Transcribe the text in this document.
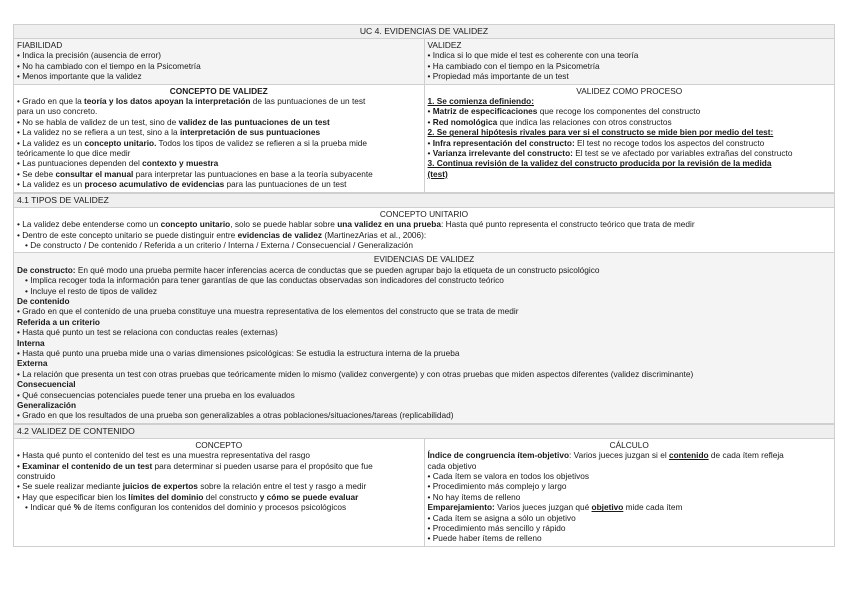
UC 4. EVIDENCIAS DE VALIDEZ
FIABILIDAD
• Indica la precisión (ausencia de error)
• No ha cambiado con el tiempo en la Psicometría
• Menos importante que la validez
VALIDEZ
• Indica si lo que mide el test es coherente con una teoría
• Ha cambiado con el tiempo en la Psicometría
• Propiedad más importante de un test
CONCEPTO DE VALIDEZ
• Grado en que la teoría y los datos apoyan la interpretación de las puntuaciones de un test
para un uso concreto.
• No se habla de validez de un test, sino de validez de las puntuaciones de un test
• La validez no se refiera a un test, sino a la interpretación de sus puntuaciones
• La validez es un concepto unitario. Todos los tipos de validez se refieren a si la prueba mide
teóricamente lo que dice medir
• Las puntuaciones dependen del contexto y muestra
• Se debe consultar el manual para interpretar las puntuaciones en base a la teoría subyacente
• La validez es un proceso acumulativo de evidencias para las puntuaciones de un test
VALIDEZ COMO PROCESO
1. Se comienza definiendo:
• Matriz de especificaciones que recoge los componentes del constructo
• Red nomológica que indica las relaciones con otros constructos
2. Se general hipótesis rivales para ver si el constructo se mide bien por medio del test:
• Infra representación del constructo: El test no recoge todos los aspectos del constructo
• Varianza irrelevante del constructo: El test se ve afectado por variables extrañas del constructo
3. Continua revisión de la validez del constructo producida por la revisión de la medida
(test)
4.1 TIPOS DE VALIDEZ
CONCEPTO UNITARIO
• La validez debe entenderse como un concepto unitario, solo se puede hablar sobre una validez en una prueba: Hasta qué punto representa el constructo teórico que trata de medir
• Dentro de este concepto unitario se puede distinguir entre evidencias de validez (MartinezArias et al., 2006):
• De constructo / De contenido / Referida a un criterio / Interna / Externa / Consecuencial / Generalización
EVIDENCIAS DE VALIDEZ
De constructo: En qué modo una prueba permite hacer inferencias acerca de conductas que se pueden agrupar bajo la etiqueta de un constructo psicológico
• Implica recoger toda la información para tener garantías de que las conductas observadas son indicadores del constructo teórico
• Incluye el resto de tipos de validez
De contenido
• Grado en que el contenido de una prueba constituye una muestra representativa de los elementos del constructo que se trata de medir
Referida a un criterio
• Hasta qué punto un test se relaciona con conductas reales (externas)
Interna
• Hasta qué punto una prueba mide una o varias dimensiones psicológicas: Se estudia la estructura interna de la prueba
Externa
• La relación que presenta un test con otras pruebas que teóricamente miden lo mismo (validez convergente) y con otras pruebas que miden aspectos diferentes (validez discriminante)
Consecuencial
• Qué consecuencias potenciales puede tener una prueba en los evaluados
Generalización
• Grado en que los resultados de una prueba son generalizables a otras poblaciones/situaciones/tareas (replicabilidad)
4.2 VALIDEZ DE CONTENIDO
CONCEPTO
• Hasta qué punto el contenido del test es una muestra representativa del rasgo
• Examinar el contenido de un test para determinar si pueden usarse para el propósito que fue
construido
• Se suele realizar mediante juicios de expertos sobre la relación entre el test y rasgo a medir
• Hay que especificar bien los límites del dominio del constructo y cómo se puede evaluar
• Indicar qué % de ítems configuran los contenidos del dominio y procesos psicológicos
CÁLCULO
Índice de congruencia ítem-objetivo: Varios jueces juzgan si el contenido de cada ítem refleja
cada objetivo
• Cada ítem se valora en todos los objetivos
• Procedimiento más complejo y largo
• No hay ítems de relleno
Emparejamiento: Varios jueces juzgan qué objetivo mide cada ítem
• Cada ítem se asigna a sólo un objetivo
• Procedimiento más sencillo y rápido
• Puede haber ítems de relleno
